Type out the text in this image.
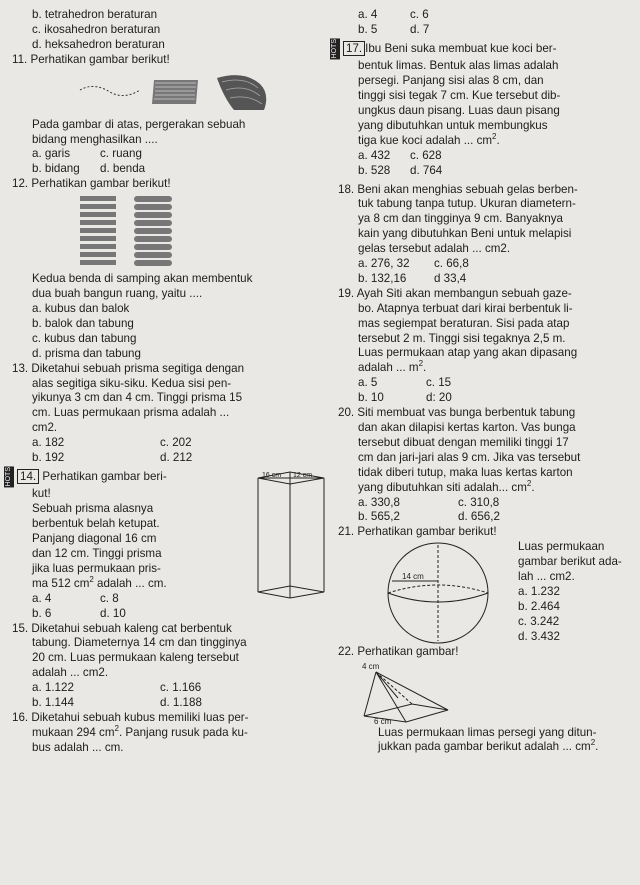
b. tetrahedron beraturan
c. ikosahedron beraturan
d. heksahedron beraturan

11. Perhatikan gambar berikut!

Pada gambar di atas, pergerakan sebuah
bidang menghasilkan ....

a. garis	c. ruang
b. bidang	d. benda

12. Perhatikan gambar berikut!

Kedua benda di samping akan membentuk
dua buah bangun ruang, yaitu ....

a. kubus dan balok
b. balok dan tabung
c. kubus dan tabung
d. prisma dan tabung

13. Diketahui sebuah prisma segitiga dengan

alas segitiga siku-siku. Kedua sisi pen-

yikunya 3 cm dan 4 cm. Tinggi prisma 15

cm. Luas permukaan prisma adalah ...

cm2.

a. 182	c. 202
b. 192	d. 212

HOTS 14. Perhatikan gambar beri-

kut!

Sebuah prisma alasnya

berbentuk belah ketupat.

Panjang diagonal 16 cm

dan 12 cm. Tinggi prisma

jika luas permukaan pris-

ma 512 $cm^2$ adalah ... cm.

a. 4	c. 8
b. 6	d. 10
16 cm 12 cm

15. Diketahui sebuah kaleng cat berbentuk

tabung. Diameternya 14 cm dan tingginya

20 cm. Luas permukaan kaleng tersebut

adalah ... cm2.

a. 1.122	c. 1.166
b. 1.144	d. 1.188

16. Diketahui sebuah kubus memiliki luas per-

mukaan 294 $cm^2$. Panjang rusuk pada ku-

bus adalah ... cm.

a. 4	c. 6
b. 5	d. 7

HOTS 17. Ibu Beni suka membuat kue koci ber-

bentuk limas. Bentuk alas limas adalah

persegi. Panjang sisi alas 8 cm, dan

tinggi sisi tegak 7 cm. Kue tersebut dib-

ungkus daun pisang. Luas daun pisang

yang dibutuhkan untuk membungkus

tiga kue koci adalah ... $cm^2$.

a. 432	c. 628
b. 528	d. 764

18. Beni akan menghias sebuah gelas berben-

tuk tabung tanpa tutup. Ukuran diametern-

ya 8 cm dan tingginya 9 cm. Banyaknya

kain yang dibutuhkan Beni untuk melapisi

gelas tersebut adalah ... cm2.

a. 276, 32	c. 66,8
b. 132,16	d 33,4

19. Ayah Siti akan membangun sebuah gaze-

bo. Atapnya terbuat dari kirai berbentuk li-

mas segiempat beraturan. Sisi pada atap

tersebut 2 m. Tinggi sisi tegaknya 2,5 m.

Luas permukaan atap yang akan dipasang

adalah ... $m^2$.

a. 5	c. 15
b. 10	d: 20

20. Siti membuat vas bunga berbentuk tabung

dan akan dilapisi kertas karton. Vas bunga

tersebut dibuat dengan memiliki tinggi 17

cm dan jari-jari alas 9 cm. Jika vas tersebut

tidak diberi tutup, maka luas kertas karton

yang dibutuhkan siti adalah... $cm^2$.

a. 330,8	c. 310,8
b. 565,2	d. 656,2

21. Perhatikan gambar berikut!

Luas permukaan

gambar berikut ada-

lah ... cm2.

a. 1.232

b. 2.464

c. 3.242

d. 3.432

14 cm

22. Perhatikan gambar!

4 cm
6 cm

Luas permukaan limas persegi yang ditun-

jukkan pada gambar berikut adalah ... $cm^2$.
